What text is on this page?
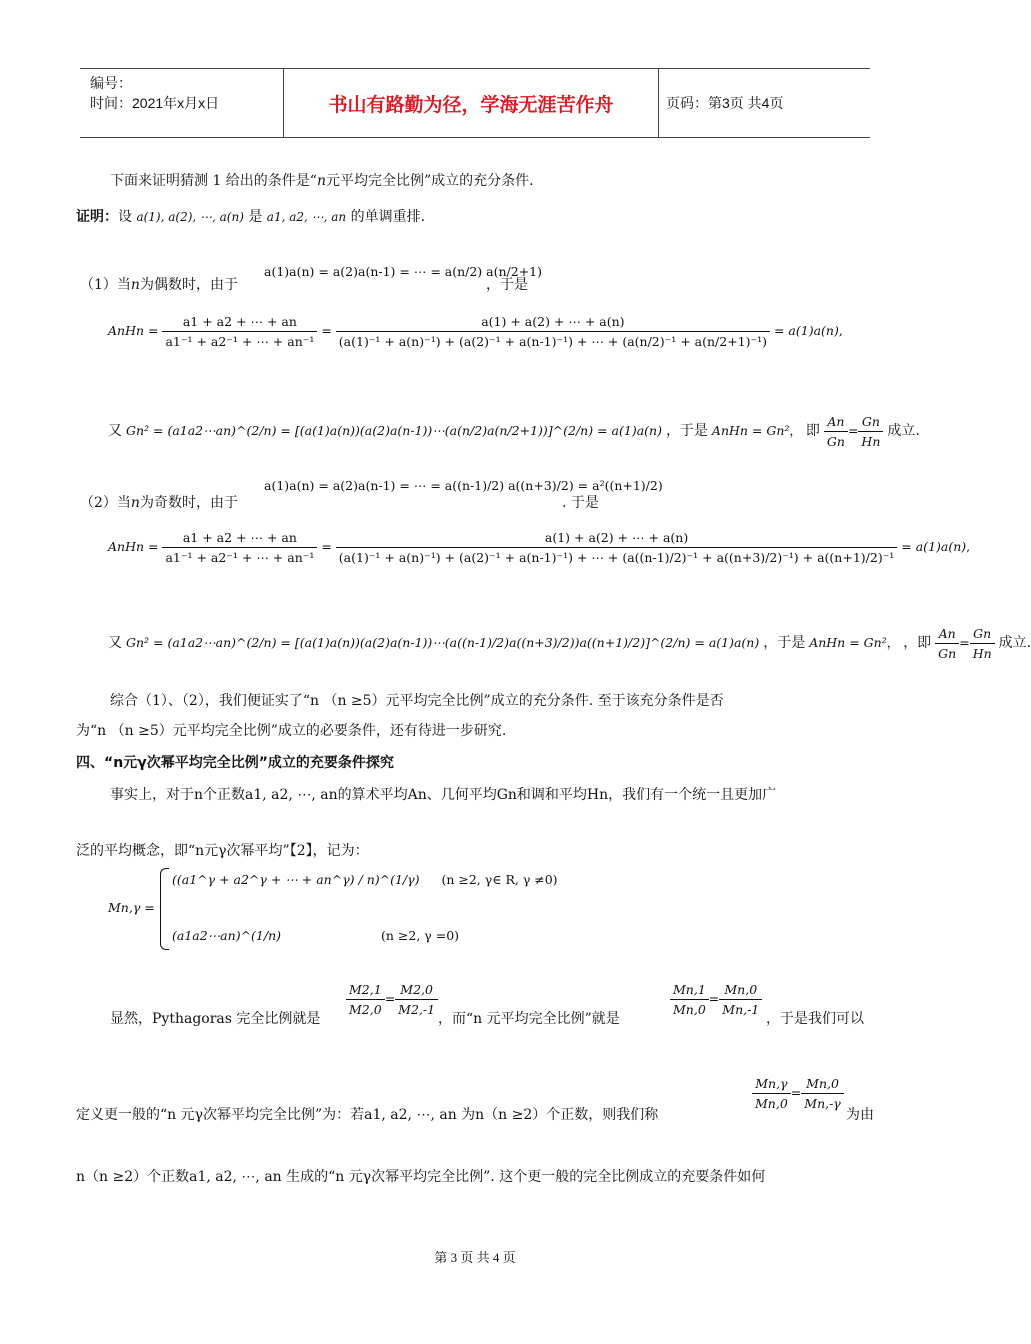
编号：
时间：2021年x月x日	书山有路勤为径，学海无涯苦作舟	页码：第3页 共4页
下面来证明猜测 1 给出的条件是“n元平均完全比例”成立的充分条件.
证明：设 a(1), a(2), ⋯, a(n) 是 a1, a2, ⋯, an 的单调重排.
（1）当n为偶数时，由于
a(1)a(n) = a(2)a(n-1) = ⋯ = a(n/2) a(n/2+1)
，于是
AnHn = $\frac{a1 + a2 + \cdots + an}{\text{a1⁻¹ + a2⁻¹ + ⋯ + an⁻¹}}$ =
a(1) + a(2) + ⋯ + a(n)
(a(1)⁻¹ + a(n)⁻¹) + (a(2)⁻¹ + a(n-1)⁻¹) + ⋯ + (a(n/2)⁻¹ + a(n/2+1)⁻¹)
= a(1)a(n),
又 Gn² = (a1a2⋯an)^(2/n) = [(a(1)a(n))(a(2)a(n-1))⋯(a(n/2)a(n/2+1))]^(2/n) = a(1)a(n) ，于是 AnHn = Gn²， 即 $\frac{An}{Gn} = \frac{Gn}{Hn}$ 成立.
（2）当n为奇数时，由于
a(1)a(n) = a(2)a(n-1) = ⋯ = a((n-1)/2) a((n+3)/2) = a²((n+1)/2)
. 于是
AnHn = $\frac{a1 + a2 + \cdots + an}{\text{a1⁻¹ + a2⁻¹ + ⋯ + an⁻¹}}$ =
a(1) + a(2) + ⋯ + a(n)
(a(1)⁻¹ + a(n)⁻¹) + (a(2)⁻¹ + a(n-1)⁻¹) + ⋯ + (a((n-1)/2)⁻¹ + a((n+3)/2)⁻¹) + a((n+1)/2)⁻¹
= a(1)a(n),
又 Gn² = (a1a2⋯an)^(2/n) = [(a(1)a(n))(a(2)a(n-1))⋯(a((n-1)/2)a((n+3)/2))a((n+1)/2)]^(2/n) = a(1)a(n) ，于是 AnHn = Gn²， ，即 $\frac{An}{Gn} = \frac{Gn}{Hn}$ 成立.
综合（1）、（2），我们便证实了“n （n ≥5）元平均完全比例”成立的充分条件. 至于该充分条件是否
为“n （n ≥5）元平均完全比例”成立的必要条件，还有待进一步研究.
四、“n元γ次幂平均完全比例”成立的充要条件探究
事实上，对于n个正数a1, a2, ⋯, an的算术平均An、几何平均Gn和调和平均Hn，我们有一个统一且更加广
泛的平均概念，即“n元γ次幂平均”【2】，记为：
Mn,γ =
((a1^γ + a2^γ + ⋯ + an^γ) / n)^(1/γ) (n ≥2, γ∈ R, γ ≠0)
(a1a2⋯an)^(1/n)	(n ≥2, γ =0)
显然，Pythagoras 完全比例就是
$\frac{M2,1}{M2,0} = \frac{M2,0}{M2,-1}$
，而“n 元平均完全比例”就是
$\frac{Mn,1}{Mn,0} = \frac{Mn,0}{Mn,-1}$
，于是我们可以
定义更一般的“n 元γ次幂平均完全比例”为：若a1, a2, ⋯, an 为n（n ≥2）个正数，则我们称
$\frac{Mn,\gamma}{Mn,0} = \frac{Mn,0}{Mn,-\gamma}$
为由
n（n ≥2）个正数a1, a2, ⋯, an 生成的“n 元γ次幂平均完全比例”. 这个更一般的完全比例成立的充要条件如何
第 3 页 共 4 页
